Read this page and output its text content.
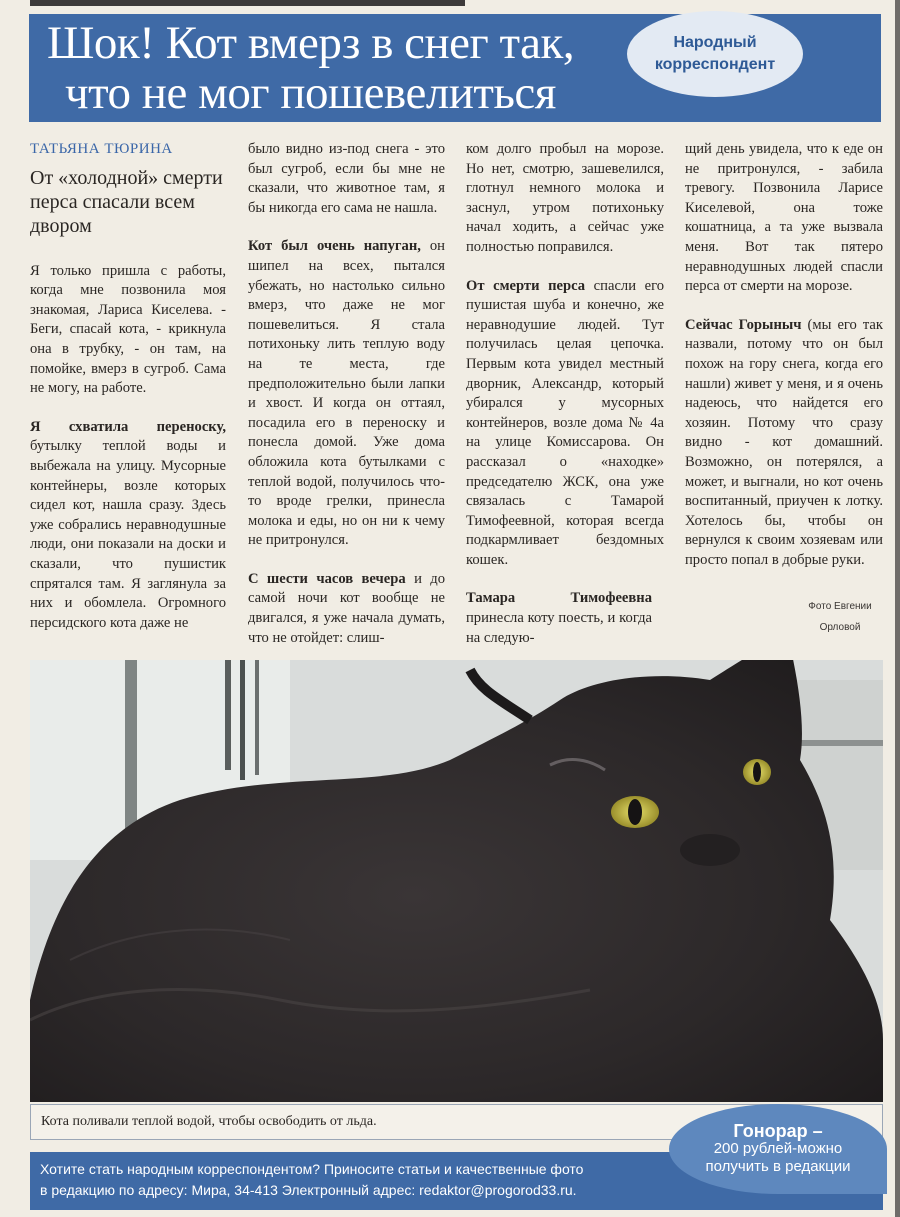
Шок! Кот вмерз в снег так,
что не мог пошевелиться
Народный корреспондент
ТАТЬЯНА ТЮРИНА
От «холодной» смерти перса спасали всем двором

Я только пришла с работы, когда мне позвонила моя знакомая, Лариса Киселева. - Беги, спасай кота, - крикнула она в трубку, - он там, на помойке, вмерз в сугроб. Сама не могу, на работе.

Я схватила переноску, бутылку теплой воды и выбежала на улицу. Мусорные контейнеры, возле которых сидел кот, нашла сразу. Здесь уже собрались неравнодушные люди, они показали на доски и сказали, что пушистик спрятался там. Я заглянула за них и обомлела. Огромного персидского кота даже не

было видно из-под снега - это был сугроб, если бы мне не сказали, что животное там, я бы никогда его сама не нашла.

Кот был очень напуган, он шипел на всех, пытался убежать, но настолько сильно вмерз, что даже не мог пошевелиться. Я стала потихоньку лить теплую воду на те места, где предположительно были лапки и хвост. И когда он оттаял, посадила его в переноску и понесла домой. Уже дома обложила кота бутылками с теплой водой, получилось что-то вроде грелки, принесла молока и еды, но он ни к чему не притронулся.

С шести часов вечера и до самой ночи кот вообще не двигался, я уже начала думать, что не отойдет: слиш-

ком долго пробыл на морозе. Но нет, смотрю, зашевелился, глотнул немного молока и заснул, утром потихоньку начал ходить, а сейчас уже полностью поправился.

От смерти перса спасли его пушистая шуба и конечно, же неравнодушие людей. Тут получилась целая цепочка. Первым кота увидел местный дворник, Александр, который убирался у мусорных контейнеров, возле дома № 4а на улице Комиссарова. Он рассказал о «находке» председателю ЖСК, она уже связалась с Тамарой Тимофеевной, которая всегда подкармливает бездомных кошек.

Тамара Тимофеевна принесла коту поесть, и когда на следую-

щий день увидела, что к еде он не притронулся, - забила тревогу. Позвонила Ларисе Киселевой, она тоже кошатница, а та уже вызвала меня. Вот так пятеро неравнодушных людей спасли перса от смерти на морозе.

Сейчас Горыныч (мы его так назвали, потому что он был похож на гору снега, когда его нашли) живет у меня, и я очень надеюсь, что найдется его хозяин. Потому что сразу видно - кот домашний. Возможно, он потерялся, а может, и выгнали, но кот очень воспитанный, приучен к лотку. Хотелось бы, чтобы он вернулся к своим хозяевам или просто попал в добрые руки.

Фото Евгении Орловой
Кота поливали теплой водой, чтобы освободить от льда.
Хотите стать народным корреспондентом? Приносите статьи и качественные фото
в редакцию по адресу: Мира, 34-413 Электронный адрес: redaktor@progorod33.ru.
Гонорар –
200 рублей-можно получить в редакции
